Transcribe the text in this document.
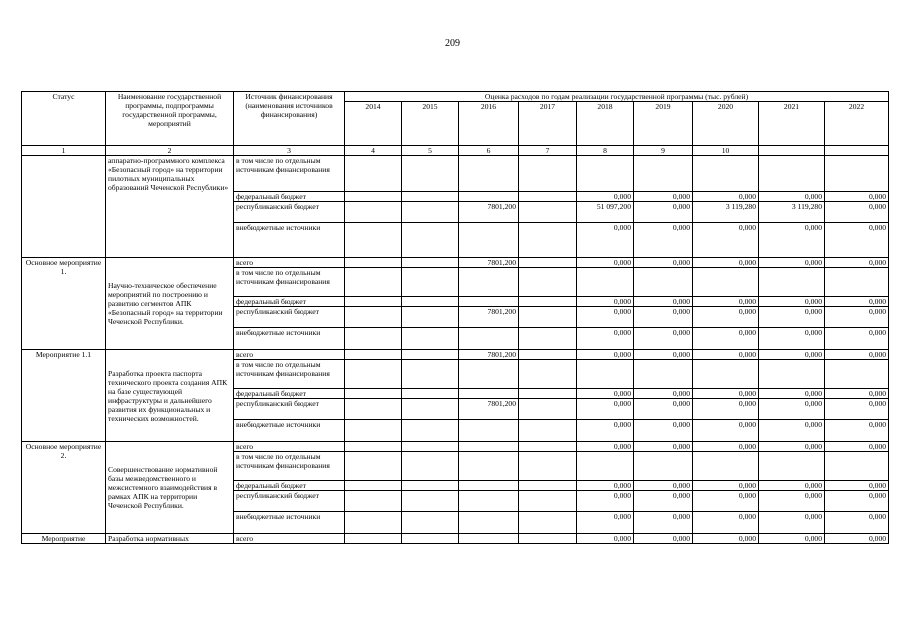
209
Статус	Наименование государственной программы, подпрограммы государственной программы, мероприятий	Источник финансирования (наименования источников финансирования)	Оценка расходов по годам реализации государственной программы (тыс. рублей)								
			2014	2015	2016	2017	2018	2019	2020	2021	2022
1	2	3	4	5	6	7	8	9	10		
	аппаратно-программного комплекса «Безопасный город» на территории пилотных муниципальных образований Чеченской Республики»	в том числе по отдельным источникам финансирования									
		федеральный бюджет					0,000	0,000	0,000	0,000	0,000
		республиканский бюджет			7801,200		51 097,200	0,000	3 119,280	3 119,280	0,000
		внебюджетные источники					0,000	0,000	0,000	0,000	0,000
Основное мероприятие 1.	Научно-техническое обеспечение мероприятий по построению и развитию сегментов АПК «Безопасный город» на территории Чеченской Республики.	всего			7801,200		0,000	0,000	0,000	0,000	0,000
		в том числе по отдельным источникам финансирования									
		федеральный бюджет					0,000	0,000	0,000	0,000	0,000
		республиканский бюджет			7801,200		0,000	0,000	0,000	0,000	0,000
		внебюджетные источники					0,000	0,000	0,000	0,000	0,000
Мероприятие 1.1	Разработка проекта паспорта технического проекта создания АПК на базе существующей инфраструктуры и дальнейшего развития их функциональных и технических возможностей.	всего			7801,200		0,000	0,000	0,000	0,000	0,000
		в том числе по отдельным источникам финансирования									
		федеральный бюджет					0,000	0,000	0,000	0,000	0,000
		республиканский бюджет			7801,200		0,000	0,000	0,000	0,000	0,000
		внебюджетные источники					0,000	0,000	0,000	0,000	0,000
Основное мероприятие 2.	Совершенствование нормативной базы межведомственного и межсистемного взаимодействия в рамках АПК на территории Чеченской Республики.	всего					0,000	0,000	0,000	0,000	0,000
		в том числе по отдельным источникам финансирования									
		федеральный бюджет					0,000	0,000	0,000	0,000	0,000
		республиканский бюджет					0,000	0,000	0,000	0,000	0,000
		внебюджетные источники					0,000	0,000	0,000	0,000	0,000
Мероприятие	Разработка нормативных	всего					0,000	0,000	0,000	0,000	0,000
